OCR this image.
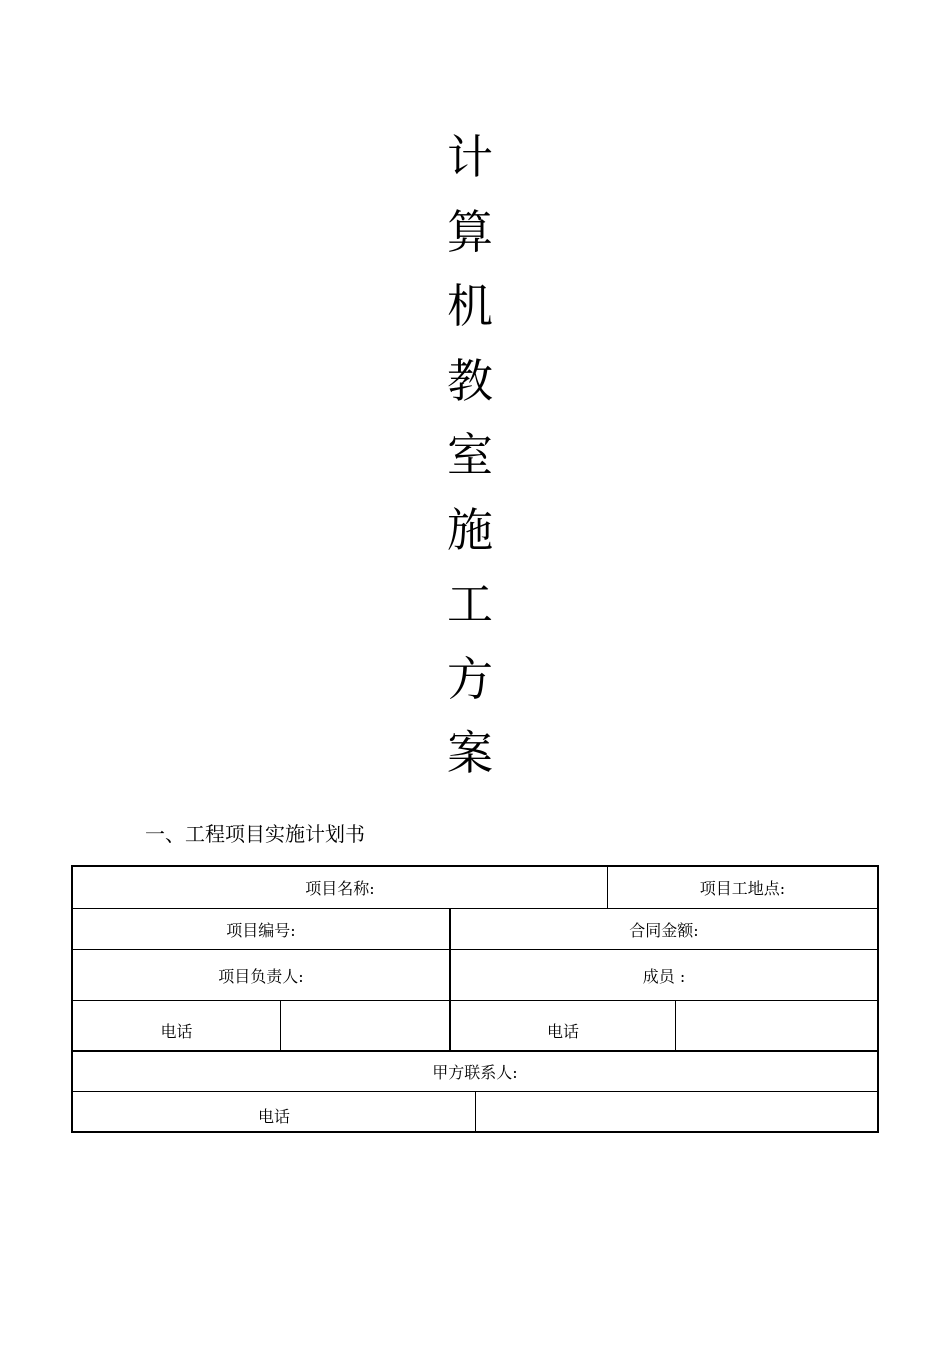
计
算
机
教
室
施
工
方
案
一、工程项目实施计划书
项目名称:	项目工地点:
项目编号:	合同金额:
项目负责人:	成员 :
电话	电话
甲方联系人:
电话
